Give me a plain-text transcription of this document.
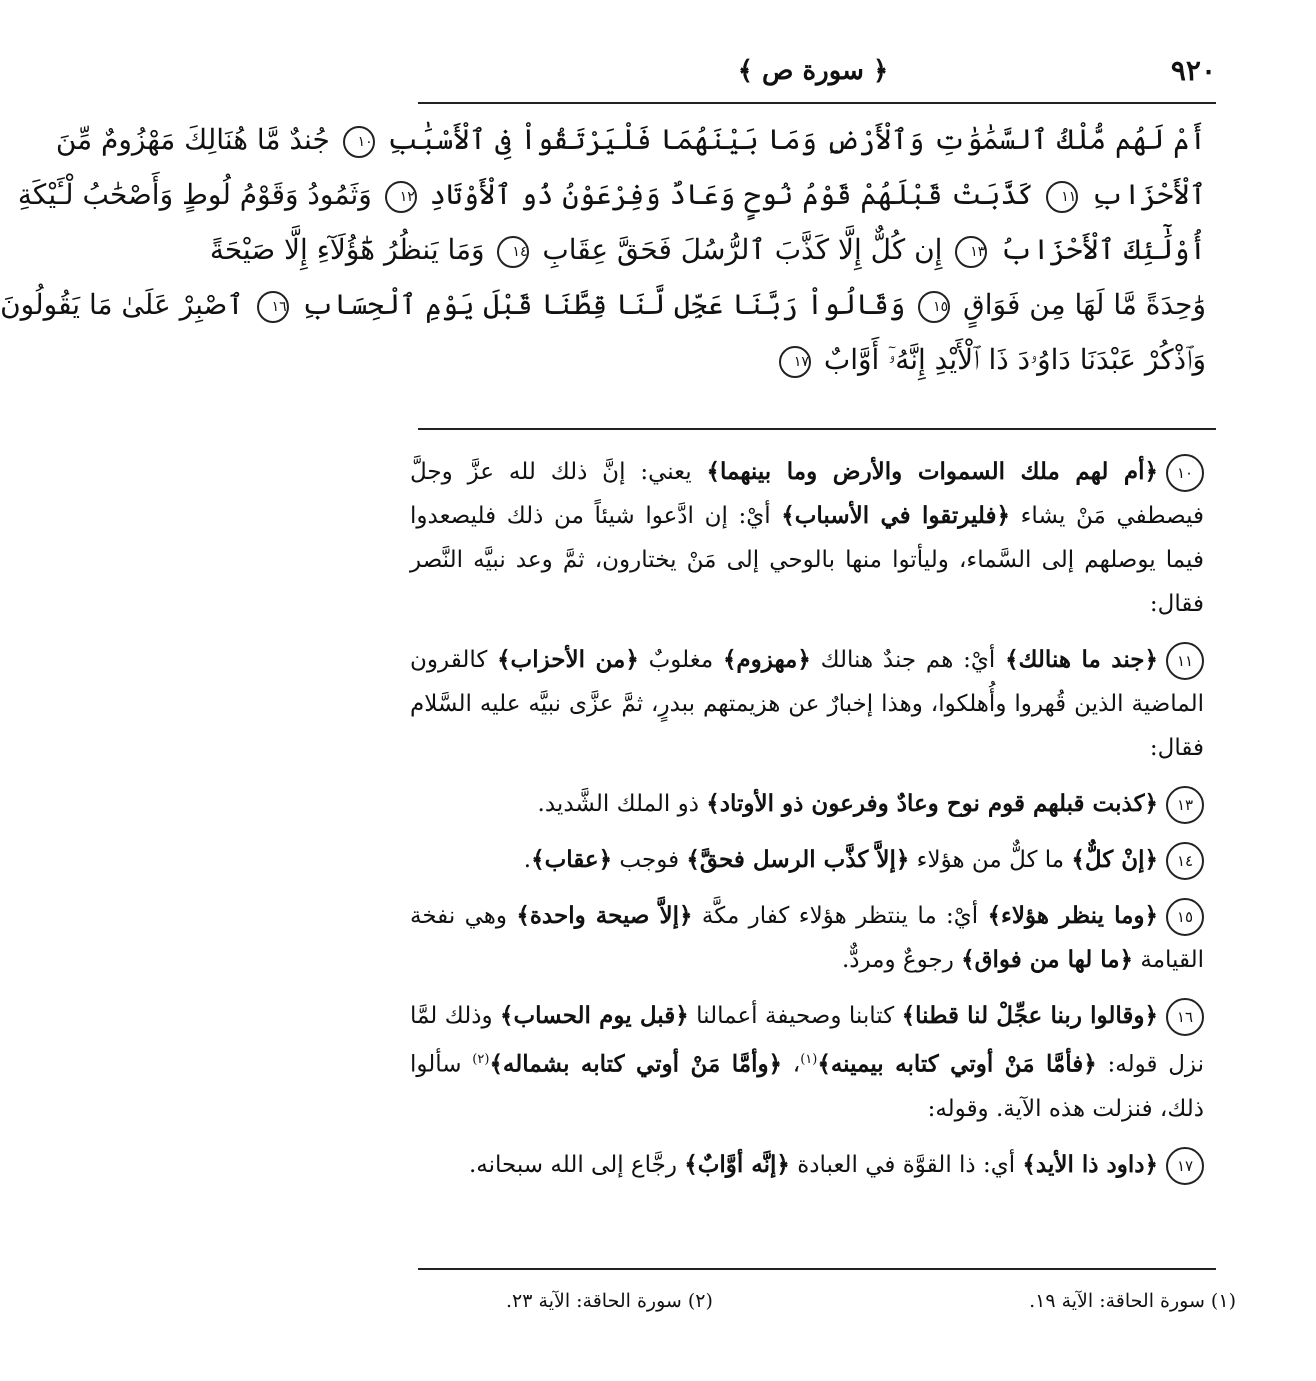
٩٢٠
﴿ سورة ص ﴾
أَمْ لَهُم مُّلْكُ ٱلسَّمَٰوَٰتِ وَٱلْأَرْضِ وَمَا بَيْنَهُمَا فَلْيَرْتَقُواْ فِى ٱلْأَسْبَٰبِ ١٠ جُندٌ مَّا هُنَالِكَ مَهْزُومٌ مِّنَ
ٱلْأَحْزَابِ ١١ كَذَّبَتْ قَبْلَهُمْ قَوْمُ نُوحٍ وَعَادٌ وَفِرْعَوْنُ ذُو ٱلْأَوْتَادِ ١٢ وَثَمُودُ وَقَوْمُ لُوطٍ وَأَصْحَٰبُ لْـَٔيْكَةِ
أُوْلَٰٓئِكَ ٱلْأَحْزَابُ ١٣ إِن كُلٌّ إِلَّا كَذَّبَ ٱلرُّسُلَ فَحَقَّ عِقَابِ ١٤ وَمَا يَنظُرُ هَٰٓؤُلَآءِ إِلَّا صَيْحَةً
وَٰحِدَةً مَّا لَهَا مِن فَوَاقٍ ١٥ وَقَالُواْ رَبَّنَا عَجِّل لَّنَا قِطَّنَا قَبْلَ يَوْمِ ٱلْحِسَابِ ١٦ ٱصْبِرْ عَلَىٰ مَا يَقُولُونَ
وَٱذْكُرْ عَبْدَنَا دَاوُۥدَ ذَا ٱلْأَيْدِ إِنَّهُۥٓ أَوَّابٌ ١٧
١٠﴿أم لهم ملك السموات والأرض وما بينهما﴾ يعني: إنَّ ذلك لله عزَّ وجلَّ فيصطفي مَنْ يشاء ﴿فليرتقوا في الأسباب﴾ أيْ: إن ادَّعوا شيئاً من ذلك فليصعدوا فيما يوصلهم إلى السَّماء، وليأتوا منها بالوحي إلى مَنْ يختارون، ثمَّ وعد نبيَّه النَّصر فقال:
١١﴿جند ما هنالك﴾ أيْ: هم جندٌ هنالك ﴿مهزوم﴾ مغلوبٌ ﴿من الأحزاب﴾ كالقرون الماضية الذين قُهروا وأُهلكوا، وهذا إخبارٌ عن هزيمتهم ببدرٍ، ثمَّ عزَّى نبيَّه عليه السَّلام فقال:
١٣﴿كذبت قبلهم قوم نوح وعادٌ وفرعون ذو الأوتاد﴾ ذو الملك الشَّديد.
١٤﴿إنْ كلٌّ﴾ ما كلٌّ من هؤلاء ﴿إلاَّ كذَّب الرسل فحقَّ﴾ فوجب ﴿عقاب﴾.
١٥﴿وما ينظر هؤلاء﴾ أيْ: ما ينتظر هؤلاء كفار مكَّة ﴿إلاَّ صيحة واحدة﴾ وهي نفخة القيامة ﴿ما لها من فواق﴾ رجوعٌ ومردٌّ.
١٦﴿وقالوا ربنا عجِّلْ لنا قطنا﴾ كتابنا وصحيفة أعمالنا ﴿قبل يوم الحساب﴾ وذلك لمَّا نزل قوله: ﴿فأمَّا مَنْ أوتي كتابه بيمينه﴾$^{(١)}$، ﴿وأمَّا مَنْ أوتي كتابه بشماله﴾$^{(٢)}$ سألوا ذلك، فنزلت هذه الآية. وقوله:
١٧﴿داود ذا الأيد﴾ أي: ذا القوَّة في العبادة ﴿إنَّه أوَّابٌ﴾ رجَّاع إلى الله سبحانه.
(١) سورة الحاقة: الآية ١٩.
(٢) سورة الحاقة: الآية ٢٣.
